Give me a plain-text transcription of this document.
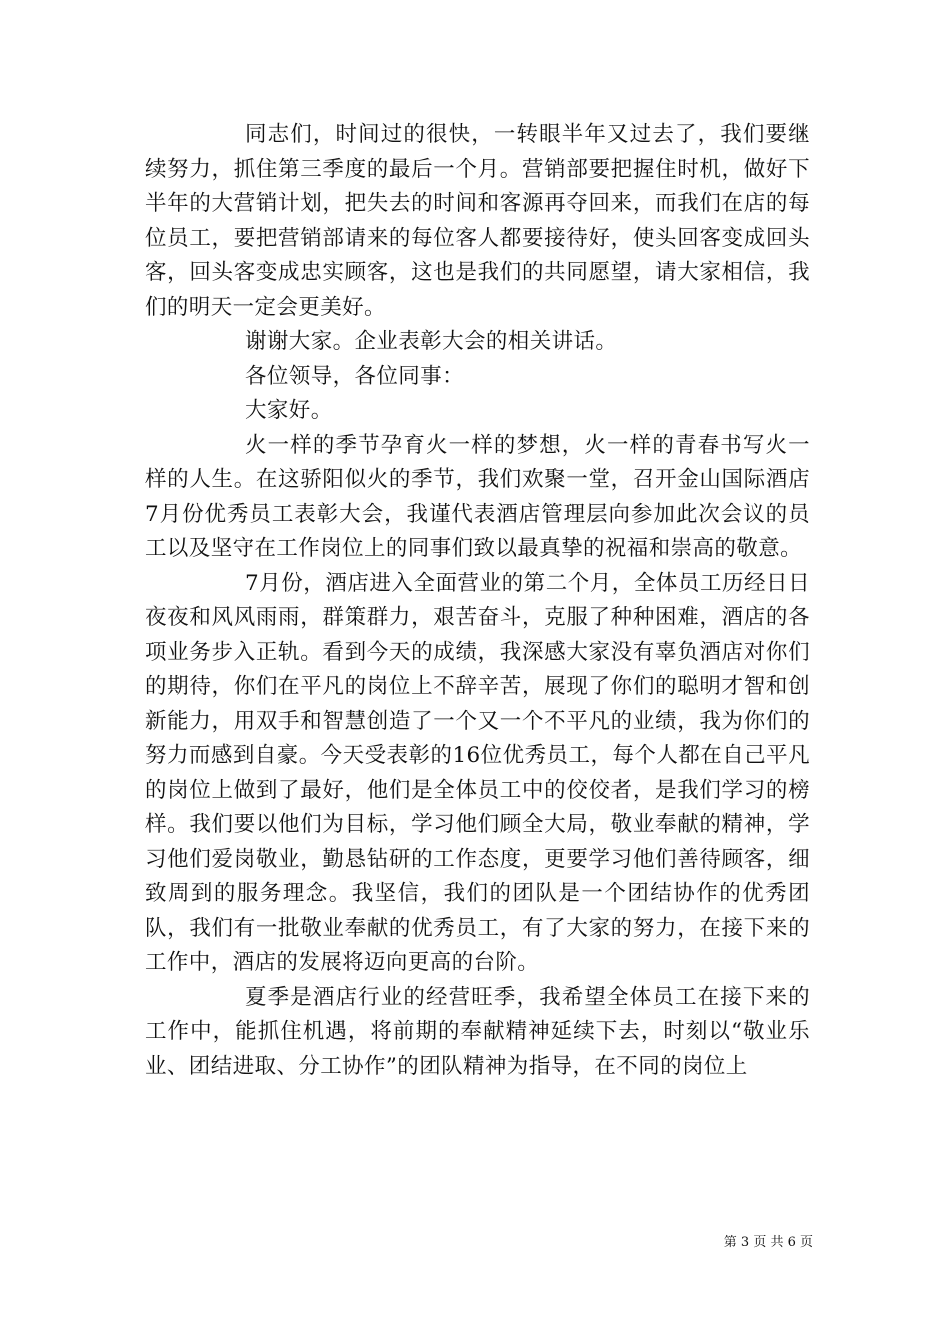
同志们，时间过的很快，一转眼半年又过去了，我们要继续努力，抓住第三季度的最后一个月。营销部要把握住时机，做好下半年的大营销计划，把失去的时间和客源再夺回来，而我们在店的每位员工，要把营销部请来的每位客人都要接待好，使头回客变成回头客，回头客变成忠实顾客，这也是我们的共同愿望，请大家相信，我们的明天一定会更美好。

谢谢大家。企业表彰大会的相关讲话。

各位领导，各位同事：

大家好。

火一样的季节孕育火一样的梦想，火一样的青春书写火一样的人生。在这骄阳似火的季节，我们欢聚一堂，召开金山国际酒店7月份优秀员工表彰大会，我谨代表酒店管理层向参加此次会议的员工以及坚守在工作岗位上的同事们致以最真挚的祝福和崇高的敬意。

7月份，酒店进入全面营业的第二个月，全体员工历经日日夜夜和风风雨雨，群策群力，艰苦奋斗，克服了种种困难，酒店的各项业务步入正轨。看到今天的成绩，我深感大家没有辜负酒店对你们的期待，你们在平凡的岗位上不辞辛苦，展现了你们的聪明才智和创新能力，用双手和智慧创造了一个又一个不平凡的业绩，我为你们的努力而感到自豪。今天受表彰的16位优秀员工，每个人都在自己平凡的岗位上做到了最好，他们是全体员工中的佼佼者，是我们学习的榜样。我们要以他们为目标，学习他们顾全大局，敬业奉献的精神，学习他们爱岗敬业，勤恳钻研的工作态度，更要学习他们善待顾客，细致周到的服务理念。我坚信，我们的团队是一个团结协作的优秀团队，我们有一批敬业奉献的优秀员工，有了大家的努力，在接下来的工作中，酒店的发展将迈向更高的台阶。

夏季是酒店行业的经营旺季，我希望全体员工在接下来的工作中，能抓住机遇，将前期的奉献精神延续下去，时刻以“敬业乐业、团结进取、分工协作”的团队精神为指导，在不同的岗位上

第 3 页 共 6 页
